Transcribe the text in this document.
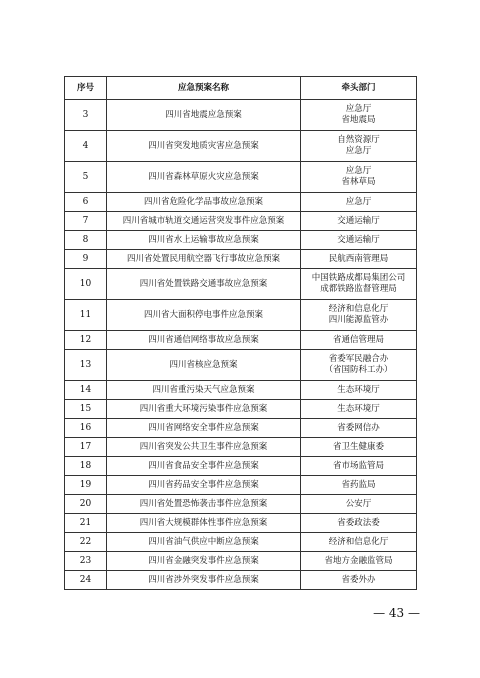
序号	应急预案名称	牵头部门
3	四川省地震应急预案	应急厅
省地震局

4	四川省突发地质灾害应急预案	自然资源厅
应急厅

5	四川省森林草原火灾应急预案	应急厅
省林草局

6	四川省危险化学品事故应急预案	应急厅

7	四川省城市轨道交通运营突发事件应急预案	交通运输厅

8	四川省水上运输事故应急预案	交通运输厅

9	四川省处置民用航空器飞行事故应急预案	民航西南管理局

10	四川省处置铁路交通事故应急预案	中国铁路成都局集团公司
成都铁路监督管理局

11	四川省大面积停电事件应急预案	经济和信息化厅
四川能源监管办

12	四川省通信网络事故应急预案	省通信管理局

13	四川省核应急预案	省委军民融合办
（省国防科工办）

14	四川省重污染天气应急预案	生态环境厅

15	四川省重大环境污染事件应急预案	生态环境厅

16	四川省网络安全事件应急预案	省委网信办

17	四川省突发公共卫生事件应急预案	省卫生健康委

18	四川省食品安全事件应急预案	省市场监管局

19	四川省药品安全事件应急预案	省药监局

20	四川省处置恐怖袭击事件应急预案	公安厅

21	四川省大规模群体性事件应急预案	省委政法委

22	四川省油气供应中断应急预案	经济和信息化厅

23	四川省金融突发事件应急预案	省地方金融监管局

24	四川省涉外突发事件应急预案	省委外办
— 43 —
